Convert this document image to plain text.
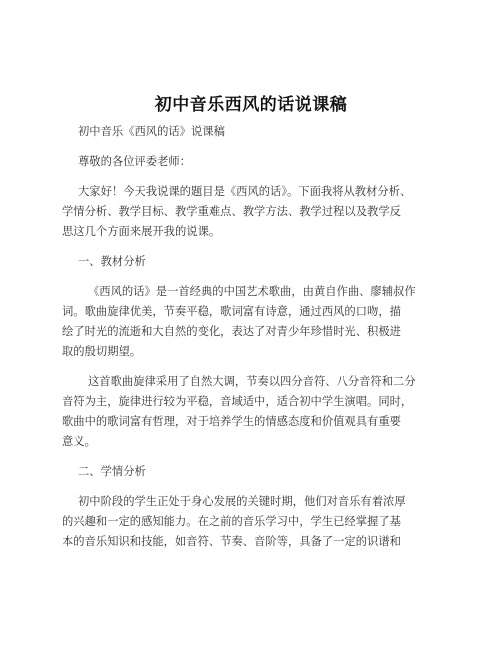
初中音乐西风的话说课稿
初中音乐《西风的话》说课稿
尊敬的各位评委老师：
大家好！今天我说课的题目是《西风的话》。下面我将从教材分析、
学情分析、教学目标、教学重难点、教学方法、教学过程以及教学反
思这几个方面来展开我的说课。
一、教材分析
《西风的话》是一首经典的中国艺术歌曲，由黄自作曲、廖辅叔作
词。歌曲旋律优美，节奏平稳，歌词富有诗意，通过西风的口吻，描
绘了时光的流逝和大自然的变化，表达了对青少年珍惜时光、积极进
取的殷切期望。
这首歌曲旋律采用了自然大调，节奏以四分音符、八分音符和二分
音符为主，旋律进行较为平稳，音域适中，适合初中学生演唱。同时，
歌曲中的歌词富有哲理，对于培养学生的情感态度和价值观具有重要
意义。
二、学情分析
初中阶段的学生正处于身心发展的关键时期，他们对音乐有着浓厚
的兴趣和一定的感知能力。在之前的音乐学习中，学生已经掌握了基
本的音乐知识和技能，如音符、节奏、音阶等，具备了一定的识谱和
